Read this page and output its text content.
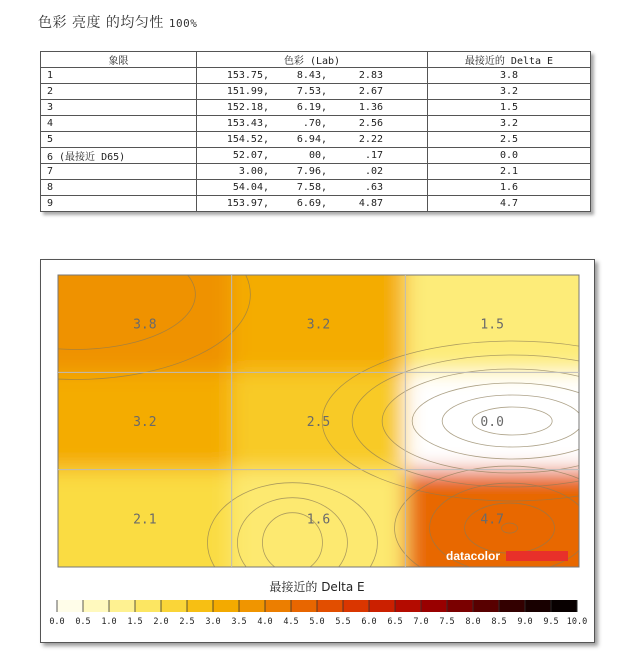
色彩 亮度 的均匀性 100%
象限	色彩 (Lab)	最接近的 Delta E
1	153.75, 8.43, 2.83	3.8
2	151.99, 7.53, 2.67	3.2
3	152.18, 6.19, 1.36	1.5
4	153.43, .70, 2.56	3.2
5	154.52, 6.94, 2.22	2.5
6 (最接近 D65)	52.07, 00, .17	0.0
7	3.00, 7.96, .02	2.1
8	54.04, 7.58, .63	1.6
9	153.97, 6.69, 4.87	4.7
3.8	3.2	1.5
3.2	2.5	0.0
2.1	1.6	4.7
datacolor
最接近的 Delta E
0.0 0.5 1.0 1.5 2.0 2.5 3.0 3.5 4.0 4.5 5.0 5.5 6.0 6.5 7.0 7.5 8.0 8.5 9.0 9.5 10.0
